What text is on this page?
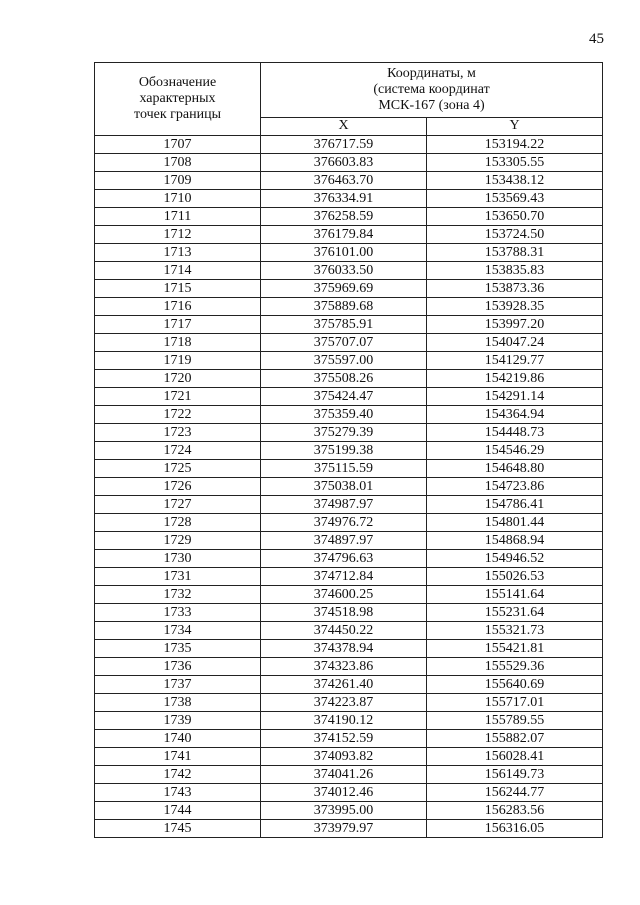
45
Обозначение
характерных
точек границы	Координаты, м
(система координат
МСК-167 (зона 4)	

	X	Y
1707	376717.59	153194.22
1708	376603.83	153305.55
1709	376463.70	153438.12
1710	376334.91	153569.43
1711	376258.59	153650.70
1712	376179.84	153724.50
1713	376101.00	153788.31
1714	376033.50	153835.83
1715	375969.69	153873.36
1716	375889.68	153928.35
1717	375785.91	153997.20
1718	375707.07	154047.24
1719	375597.00	154129.77
1720	375508.26	154219.86
1721	375424.47	154291.14
1722	375359.40	154364.94
1723	375279.39	154448.73
1724	375199.38	154546.29
1725	375115.59	154648.80
1726	375038.01	154723.86
1727	374987.97	154786.41
1728	374976.72	154801.44
1729	374897.97	154868.94
1730	374796.63	154946.52
1731	374712.84	155026.53
1732	374600.25	155141.64
1733	374518.98	155231.64
1734	374450.22	155321.73
1735	374378.94	155421.81
1736	374323.86	155529.36
1737	374261.40	155640.69
1738	374223.87	155717.01
1739	374190.12	155789.55
1740	374152.59	155882.07
1741	374093.82	156028.41
1742	374041.26	156149.73
1743	374012.46	156244.77
1744	373995.00	156283.56
1745	373979.97	156316.05
